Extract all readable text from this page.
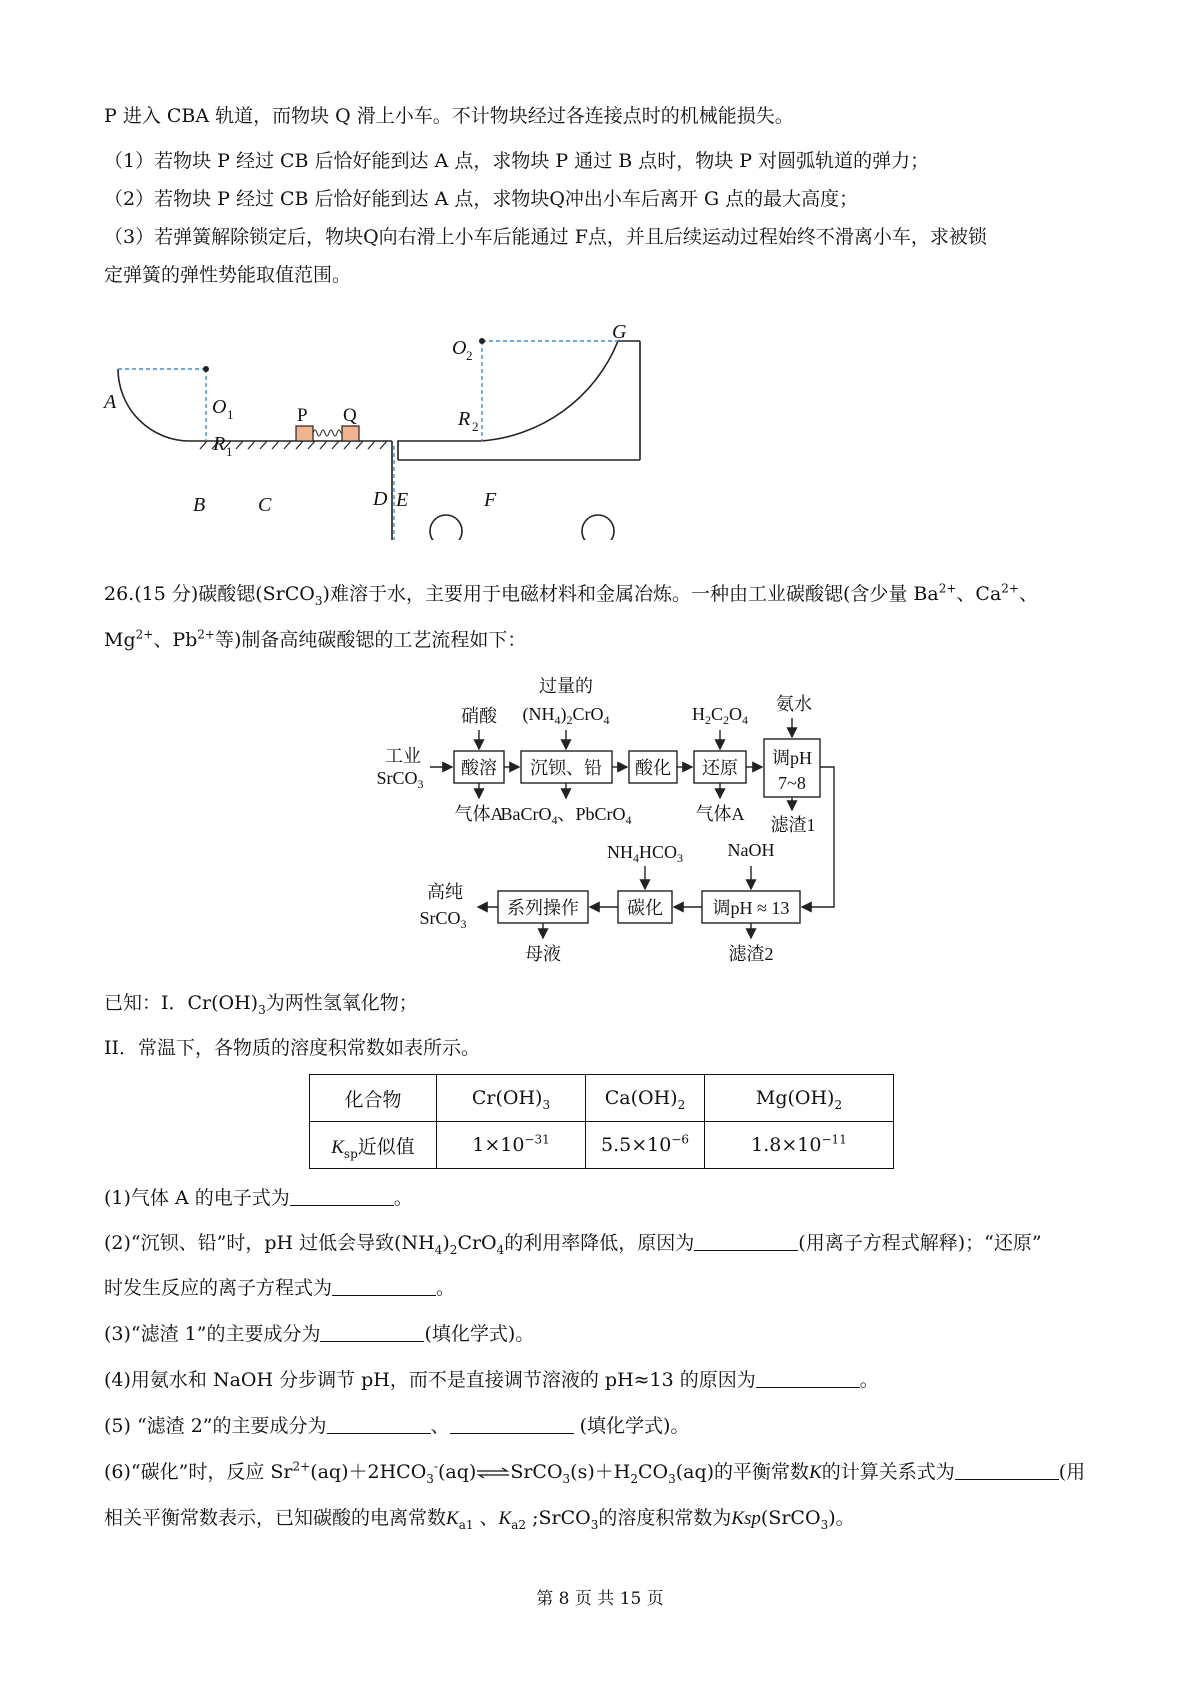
P 进入 CBA 轨道，而物块 Q 滑上小车。不计物块经过各连接点时的机械能损失。
（1）若物块 P 经过 CB 后恰好能到达 A 点，求物块 P 通过 B 点时，物块 P 对圆弧轨道的弹力；
（2）若物块 P 经过 CB 后恰好能到达 A 点，求物块Q冲出小车后离开 G 点的最大高度；
（3）若弹簧解除锁定后，物块Q向右滑上小车后能通过 F点，并且后续运动过程始终不滑离小车，求被锁
定弹簧的弹性势能取值范围。
A	O
R
B	C	D E	F
G
O
R
1
1
2
2
P Q
26.(15 分)碳酸锶(SrCO$_3$)难溶于水，主要用于电磁材料和金属冶炼。一种由工业碳酸锶(含少量 $Ba^{2+}$、$Ca^{2+}$、
$Mg^{2+}$、$Pb^{2+}$等)制备高纯碳酸锶的工艺流程如下：
工业
SrCO$_3$
硝酸
过量的
$(NH_4)_2CrO_4$	$H_2C_2O_4$
氨水
酸溶 沉钡、铅 酸化 还原 调pH
7~8
气体A
BaCrO$_4$、PbCrO$_4$	气体A
滤渣1
$NH_4HCO_3$ NaOH
调pH ≈ 13
碳化
系列操作
高纯
SrCO$_3$
母液	滤渣2
已知：I．$Cr(OH)_3$为两性氢氧化物；
II．常温下，各物质的溶度积常数如表所示。
化合物	$Cr(OH)_3$	$Ca(OH)_2$	$Mg(OH)_2$
$K_{sp}$近似值	$1\times 10^{-31}$	$5.5\times 10^{-6}$	$1.8\times 10^{-11}$
(1)气体 A 的电子式为	。
(2)“沉钡、铅”时，pH 过低会导致$(NH_4)_2CrO_4$的利用率降低，原因为	(用离子方程式解释)；“还原”
时发生反应的离子方程式为	。
(3)“滤渣 1”的主要成分为	(填化学式)。
(4)用氨水和 NaOH 分步调节 pH，而不是直接调节溶液的 pH≈13 的原因为	。
(5) “滤渣 2”的主要成分为	、	(填化学式)。
(6)“碳化”时，反应 $Sr^{2+}(aq)+2HCO_3^-(aq)\rightleftharpoons SrCO_3(s)+H_2CO_3(aq)$的平衡常数K的计算关系式为	(用
相关平衡常数表示，已知碳酸的电离常数$K_{a1}$ 、$K_{a2}$ ;SrCO$_3$的溶度积常数为Ksp(SrCO$_3$)。
第 8 页 共 15 页
